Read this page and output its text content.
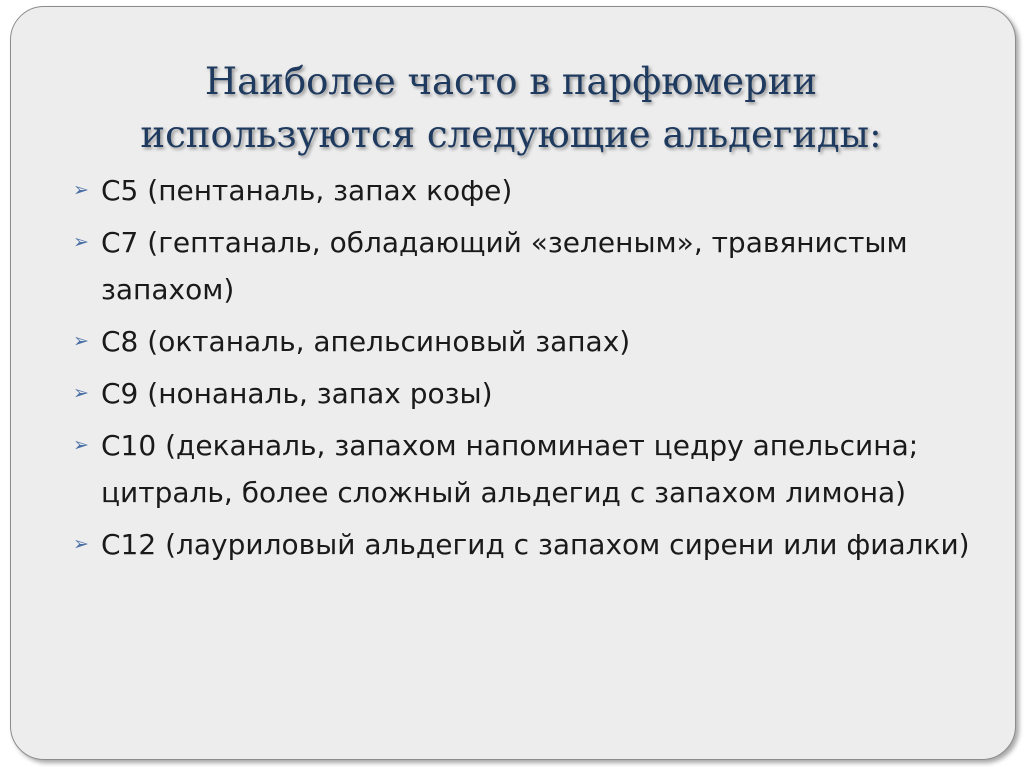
Наиболее часто в парфюмерии
используются следующие альдегиды:
➢ С5 (пентаналь, запах кофе)
➢ С7 (гептаналь, обладающий «зеленым», травянистым запахом)
➢ С8 (октаналь, апельсиновый запах)
➢ С9 (нонаналь, запах розы)
➢ С10 (деканаль, запахом напоминает цедру апельсина; цитраль, более сложный альдегид с запахом лимона)
➢ С12 (лауриловый альдегид с запахом сирени или фиалки)
